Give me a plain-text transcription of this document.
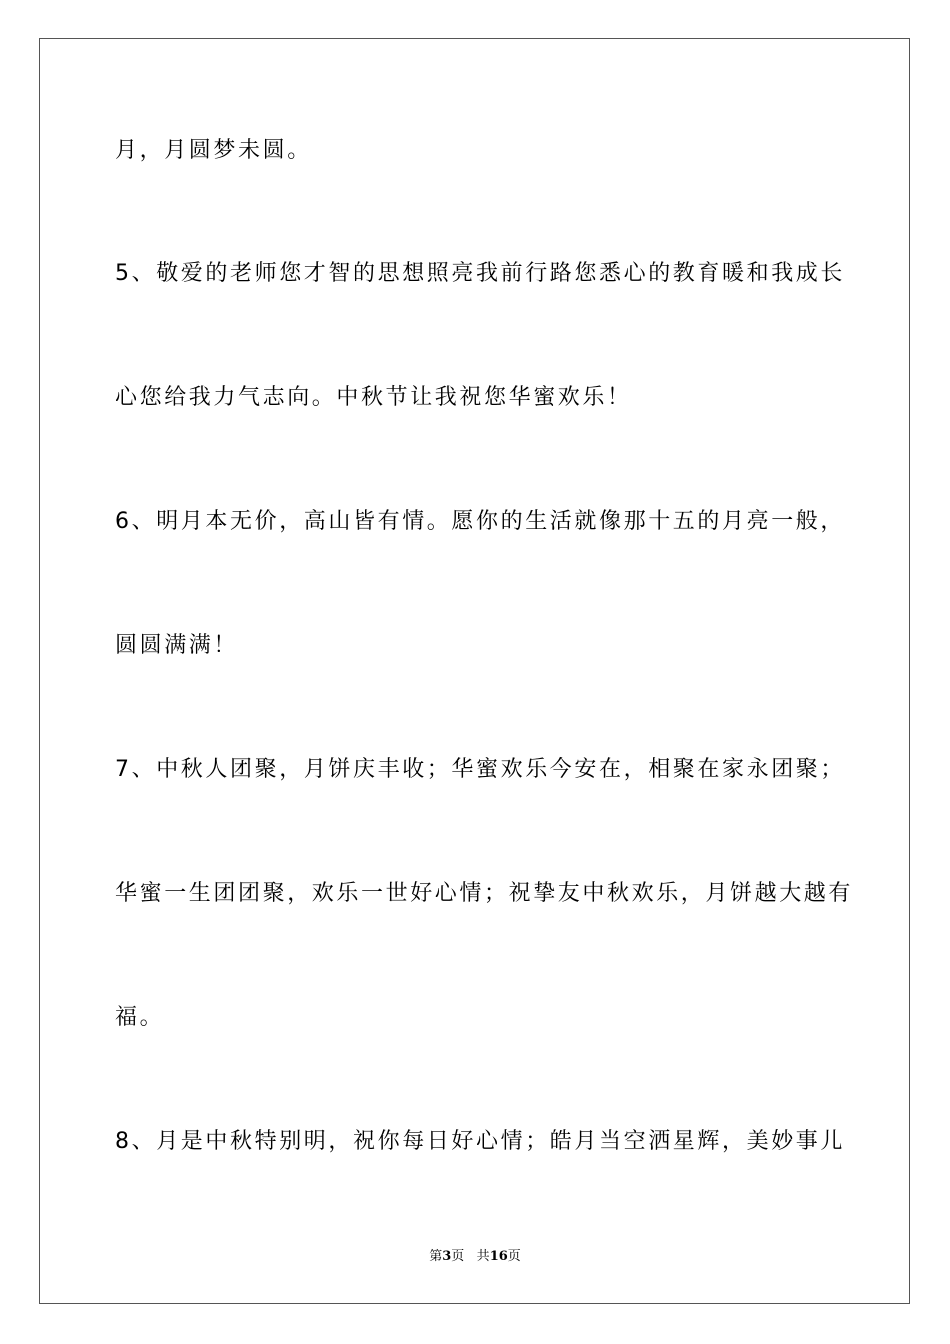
月，月圆梦未圆。
5、敬爱的老师您才智的思想照亮我前行路您悉心的教育暖和我成长
心您给我力气志向。中秋节让我祝您华蜜欢乐！
6、明月本无价，高山皆有情。愿你的生活就像那十五的月亮一般，
圆圆满满！
7、中秋人团聚，月饼庆丰收；华蜜欢乐今安在，相聚在家永团聚；
华蜜一生团团聚，欢乐一世好心情；祝挚友中秋欢乐，月饼越大越有
福。
8、月是中秋特别明，祝你每日好心情；皓月当空洒星辉，美妙事儿
第3页 共16页
